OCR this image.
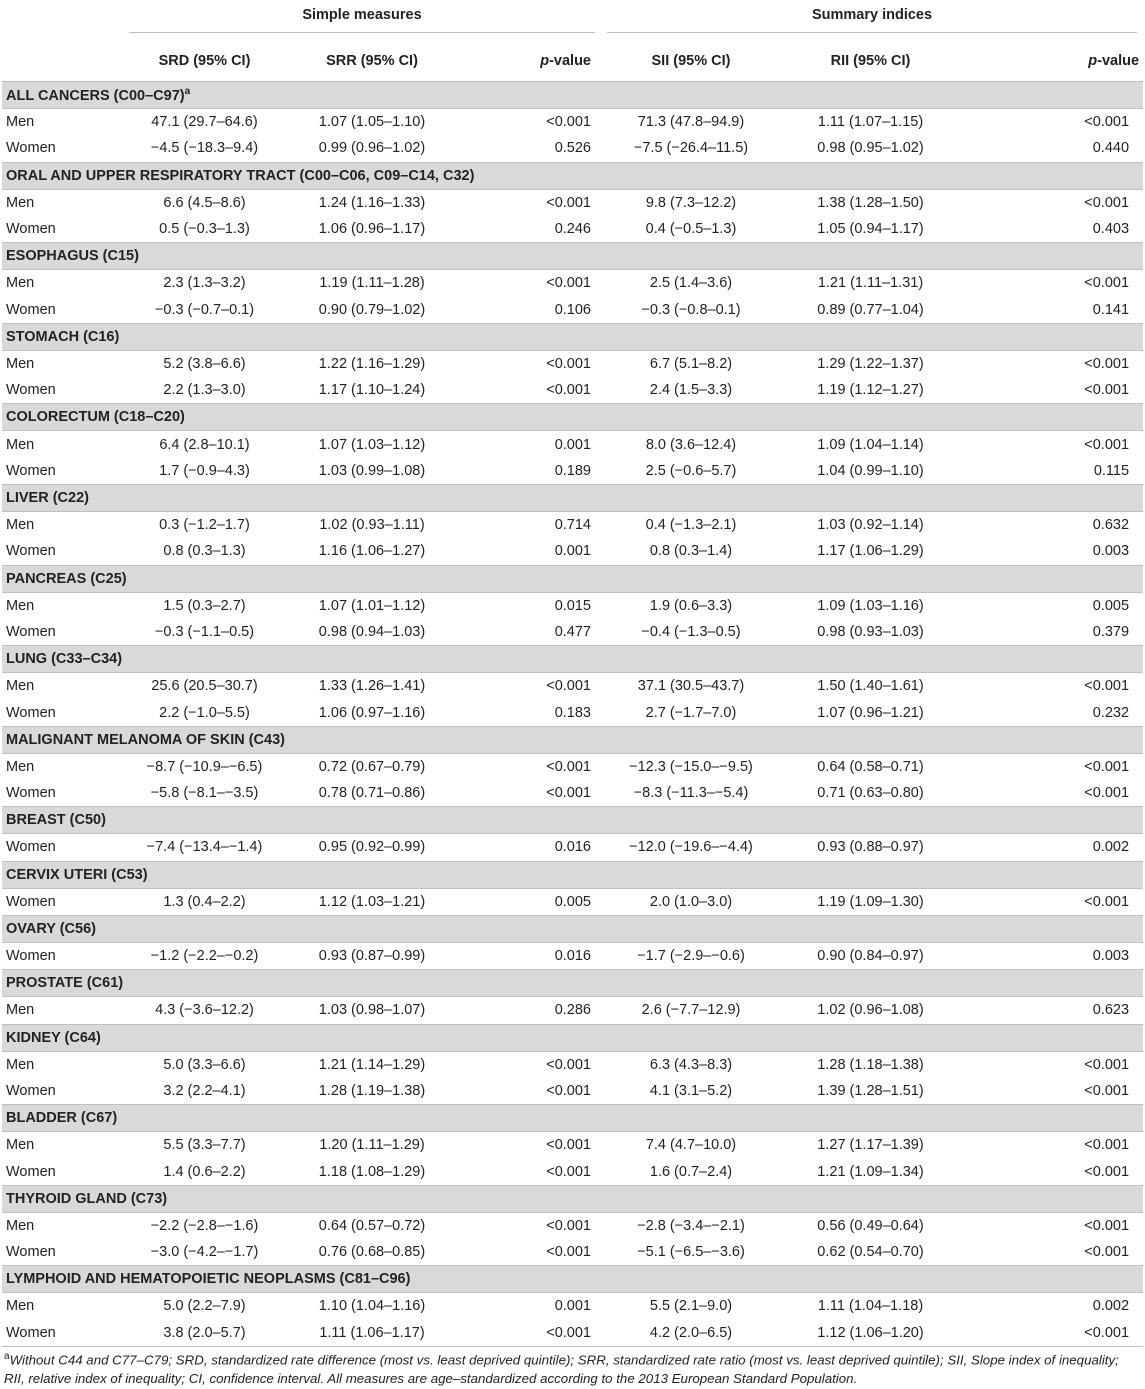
	Simple measures			Summary indices		

	SRD (95% CI)	SRR (95% CI)	p-value	SII (95% CI)	RII (95% CI)	p-value
ALL CANCERS $(C00-C97)^a$
Men	47.1 (29.7–64.6)	1.07 (1.05–1.10)	<0.001	71.3 (47.8–94.9)	1.11 (1.07–1.15)	<0.001
Women	−4.5 (−18.3–9.4)	0.99 (0.96–1.02)	0.526	−7.5 (−26.4–11.5)	0.98 (0.95–1.02)	0.440
ORAL AND UPPER RESPIRATORY TRACT (C00–C06, C09–C14, C32)						
Men	6.6 (4.5–8.6)	1.24 (1.16–1.33)	<0.001	9.8 (7.3–12.2)	1.38 (1.28–1.50)	<0.001
Women	0.5 (−0.3–1.3)	1.06 (0.96–1.17)	0.246	0.4 (−0.5–1.3)	1.05 (0.94–1.17)	0.403
ESOPHAGUS (C15)						
Men	2.3 (1.3–3.2)	1.19 (1.11–1.28)	<0.001	2.5 (1.4–3.6)	1.21 (1.11–1.31)	<0.001
Women	−0.3 (−0.7–0.1)	0.90 (0.79–1.02)	0.106	−0.3 (−0.8–0.1)	0.89 (0.77–1.04)	0.141
STOMACH (C16)						
Men	5.2 (3.8–6.6)	1.22 (1.16–1.29)	<0.001	6.7 (5.1–8.2)	1.29 (1.22–1.37)	<0.001
Women	2.2 (1.3–3.0)	1.17 (1.10–1.24)	<0.001	2.4 (1.5–3.3)	1.19 (1.12–1.27)	<0.001
COLORECTUM (C18–C20)						
Men	6.4 (2.8–10.1)	1.07 (1.03–1.12)	0.001	8.0 (3.6–12.4)	1.09 (1.04–1.14)	<0.001
Women	1.7 (−0.9–4.3)	1.03 (0.99–1.08)	0.189	2.5 (−0.6–5.7)	1.04 (0.99–1.10)	0.115
LIVER (C22)						
Men	0.3 (−1.2–1.7)	1.02 (0.93–1.11)	0.714	0.4 (−1.3–2.1)	1.03 (0.92–1.14)	0.632
Women	0.8 (0.3–1.3)	1.16 (1.06–1.27)	0.001	0.8 (0.3–1.4)	1.17 (1.06–1.29)	0.003
PANCREAS (C25)						
Men	1.5 (0.3–2.7)	1.07 (1.01–1.12)	0.015	1.9 (0.6–3.3)	1.09 (1.03–1.16)	0.005
Women	−0.3 (−1.1–0.5)	0.98 (0.94–1.03)	0.477	−0.4 (−1.3–0.5)	0.98 (0.93–1.03)	0.379
LUNG (C33–C34)						
Men	25.6 (20.5–30.7)	1.33 (1.26–1.41)	<0.001	37.1 (30.5–43.7)	1.50 (1.40–1.61)	<0.001
Women	2.2 (−1.0–5.5)	1.06 (0.97–1.16)	0.183	2.7 (−1.7–7.0)	1.07 (0.96–1.21)	0.232
MALIGNANT MELANOMA OF SKIN (C43)						
Men	−8.7 (−10.9–−6.5)	0.72 (0.67–0.79)	<0.001	−12.3 (−15.0–−9.5)	0.64 (0.58–0.71)	<0.001
Women	−5.8 (−8.1–−3.5)	0.78 (0.71–0.86)	<0.001	−8.3 (−11.3–−5.4)	0.71 (0.63–0.80)	<0.001
BREAST (C50)						
Women	−7.4 (−13.4–−1.4)	0.95 (0.92–0.99)	0.016	−12.0 (−19.6–−4.4)	0.93 (0.88–0.97)	0.002
CERVIX UTERI (C53)						
Women	1.3 (0.4–2.2)	1.12 (1.03–1.21)	0.005	2.0 (1.0–3.0)	1.19 (1.09–1.30)	<0.001
OVARY (C56)						
Women	−1.2 (−2.2–−0.2)	0.93 (0.87–0.99)	0.016	−1.7 (−2.9–−0.6)	0.90 (0.84–0.97)	0.003
PROSTATE (C61)						
Men	4.3 (−3.6–12.2)	1.03 (0.98–1.07)	0.286	2.6 (−7.7–12.9)	1.02 (0.96–1.08)	0.623
KIDNEY (C64)						
Men	5.0 (3.3–6.6)	1.21 (1.14–1.29)	<0.001	6.3 (4.3–8.3)	1.28 (1.18–1.38)	<0.001
Women	3.2 (2.2–4.1)	1.28 (1.19–1.38)	<0.001	4.1 (3.1–5.2)	1.39 (1.28–1.51)	<0.001
BLADDER (C67)						
Men	5.5 (3.3–7.7)	1.20 (1.11–1.29)	<0.001	7.4 (4.7–10.0)	1.27 (1.17–1.39)	<0.001
Women	1.4 (0.6–2.2)	1.18 (1.08–1.29)	<0.001	1.6 (0.7–2.4)	1.21 (1.09–1.34)	<0.001
THYROID GLAND (C73)						
Men	−2.2 (−2.8–−1.6)	0.64 (0.57–0.72)	<0.001	−2.8 (−3.4–−2.1)	0.56 (0.49–0.64)	<0.001
Women	−3.0 (−4.2–−1.7)	0.76 (0.68–0.85)	<0.001	−5.1 (−6.5–−3.6)	0.62 (0.54–0.70)	<0.001
LYMPHOID AND HEMATOPOIETIC NEOPLASMS (C81–C96)						
Men	5.0 (2.2–7.9)	1.10 (1.04–1.16)	0.001	5.5 (2.1–9.0)	1.11 (1.04–1.18)	0.002
Women	3.8 (2.0–5.7)	1.11 (1.06–1.17)	<0.001	4.2 (2.0–6.5)	1.12 (1.06–1.20)	<0.001
$^a$Without C44 and C77–C79; SRD, standardized rate difference (most vs. least deprived quintile); SRR, standardized rate ratio (most vs. least deprived quintile); SII, Slope index of inequality; RII, relative index of inequality; CI, confidence interval. All measures are age–standardized according to the 2013 European Standard Population.
